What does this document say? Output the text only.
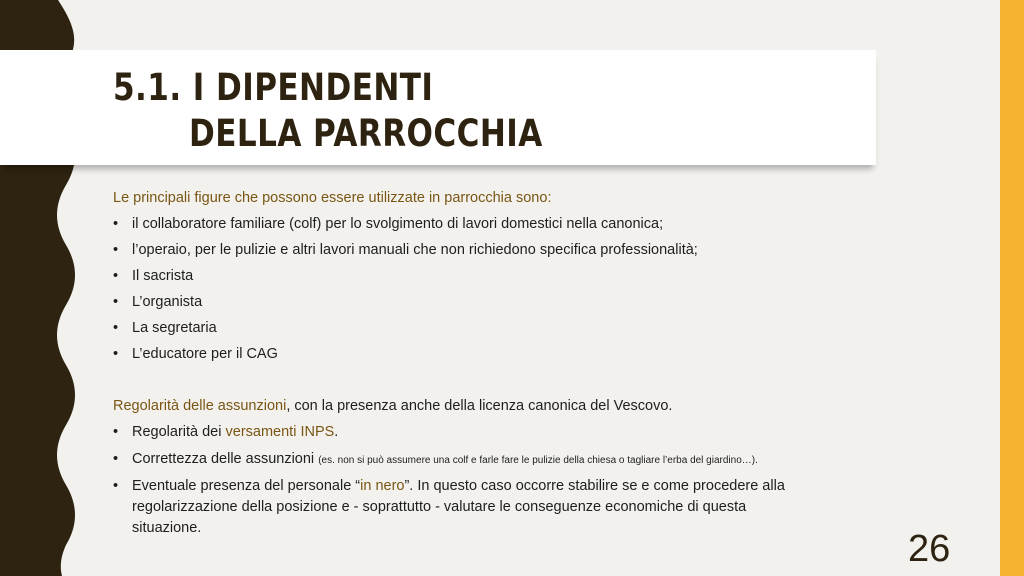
5.1. I DIPENDENTI
DELLA PARROCCHIA

Le principali figure che possono essere utilizzate in parrocchia sono:

• il collaboratore familiare (colf) per lo svolgimento di lavori domestici nella canonica;
• l’operaio, per le pulizie e altri lavori manuali che non richiedono specifica professionalità;
• Il sacrista
• L’organista
• La segretaria
• L’educatore per il CAG

Regolarità delle assunzioni, con la presenza anche della licenza canonica del Vescovo.

• Regolarità dei versamenti INPS.
• Correttezza delle assunzioni (es. non si può assumere una colf e farle fare le pulizie della chiesa o tagliare l’erba del giardino…).
• Eventuale presenza del personale “in nero”. In questo caso occorre stabilire se e come procedere alla regolarizzazione della posizione e - soprattutto - valutare le conseguenze economiche di questa situazione.	26
